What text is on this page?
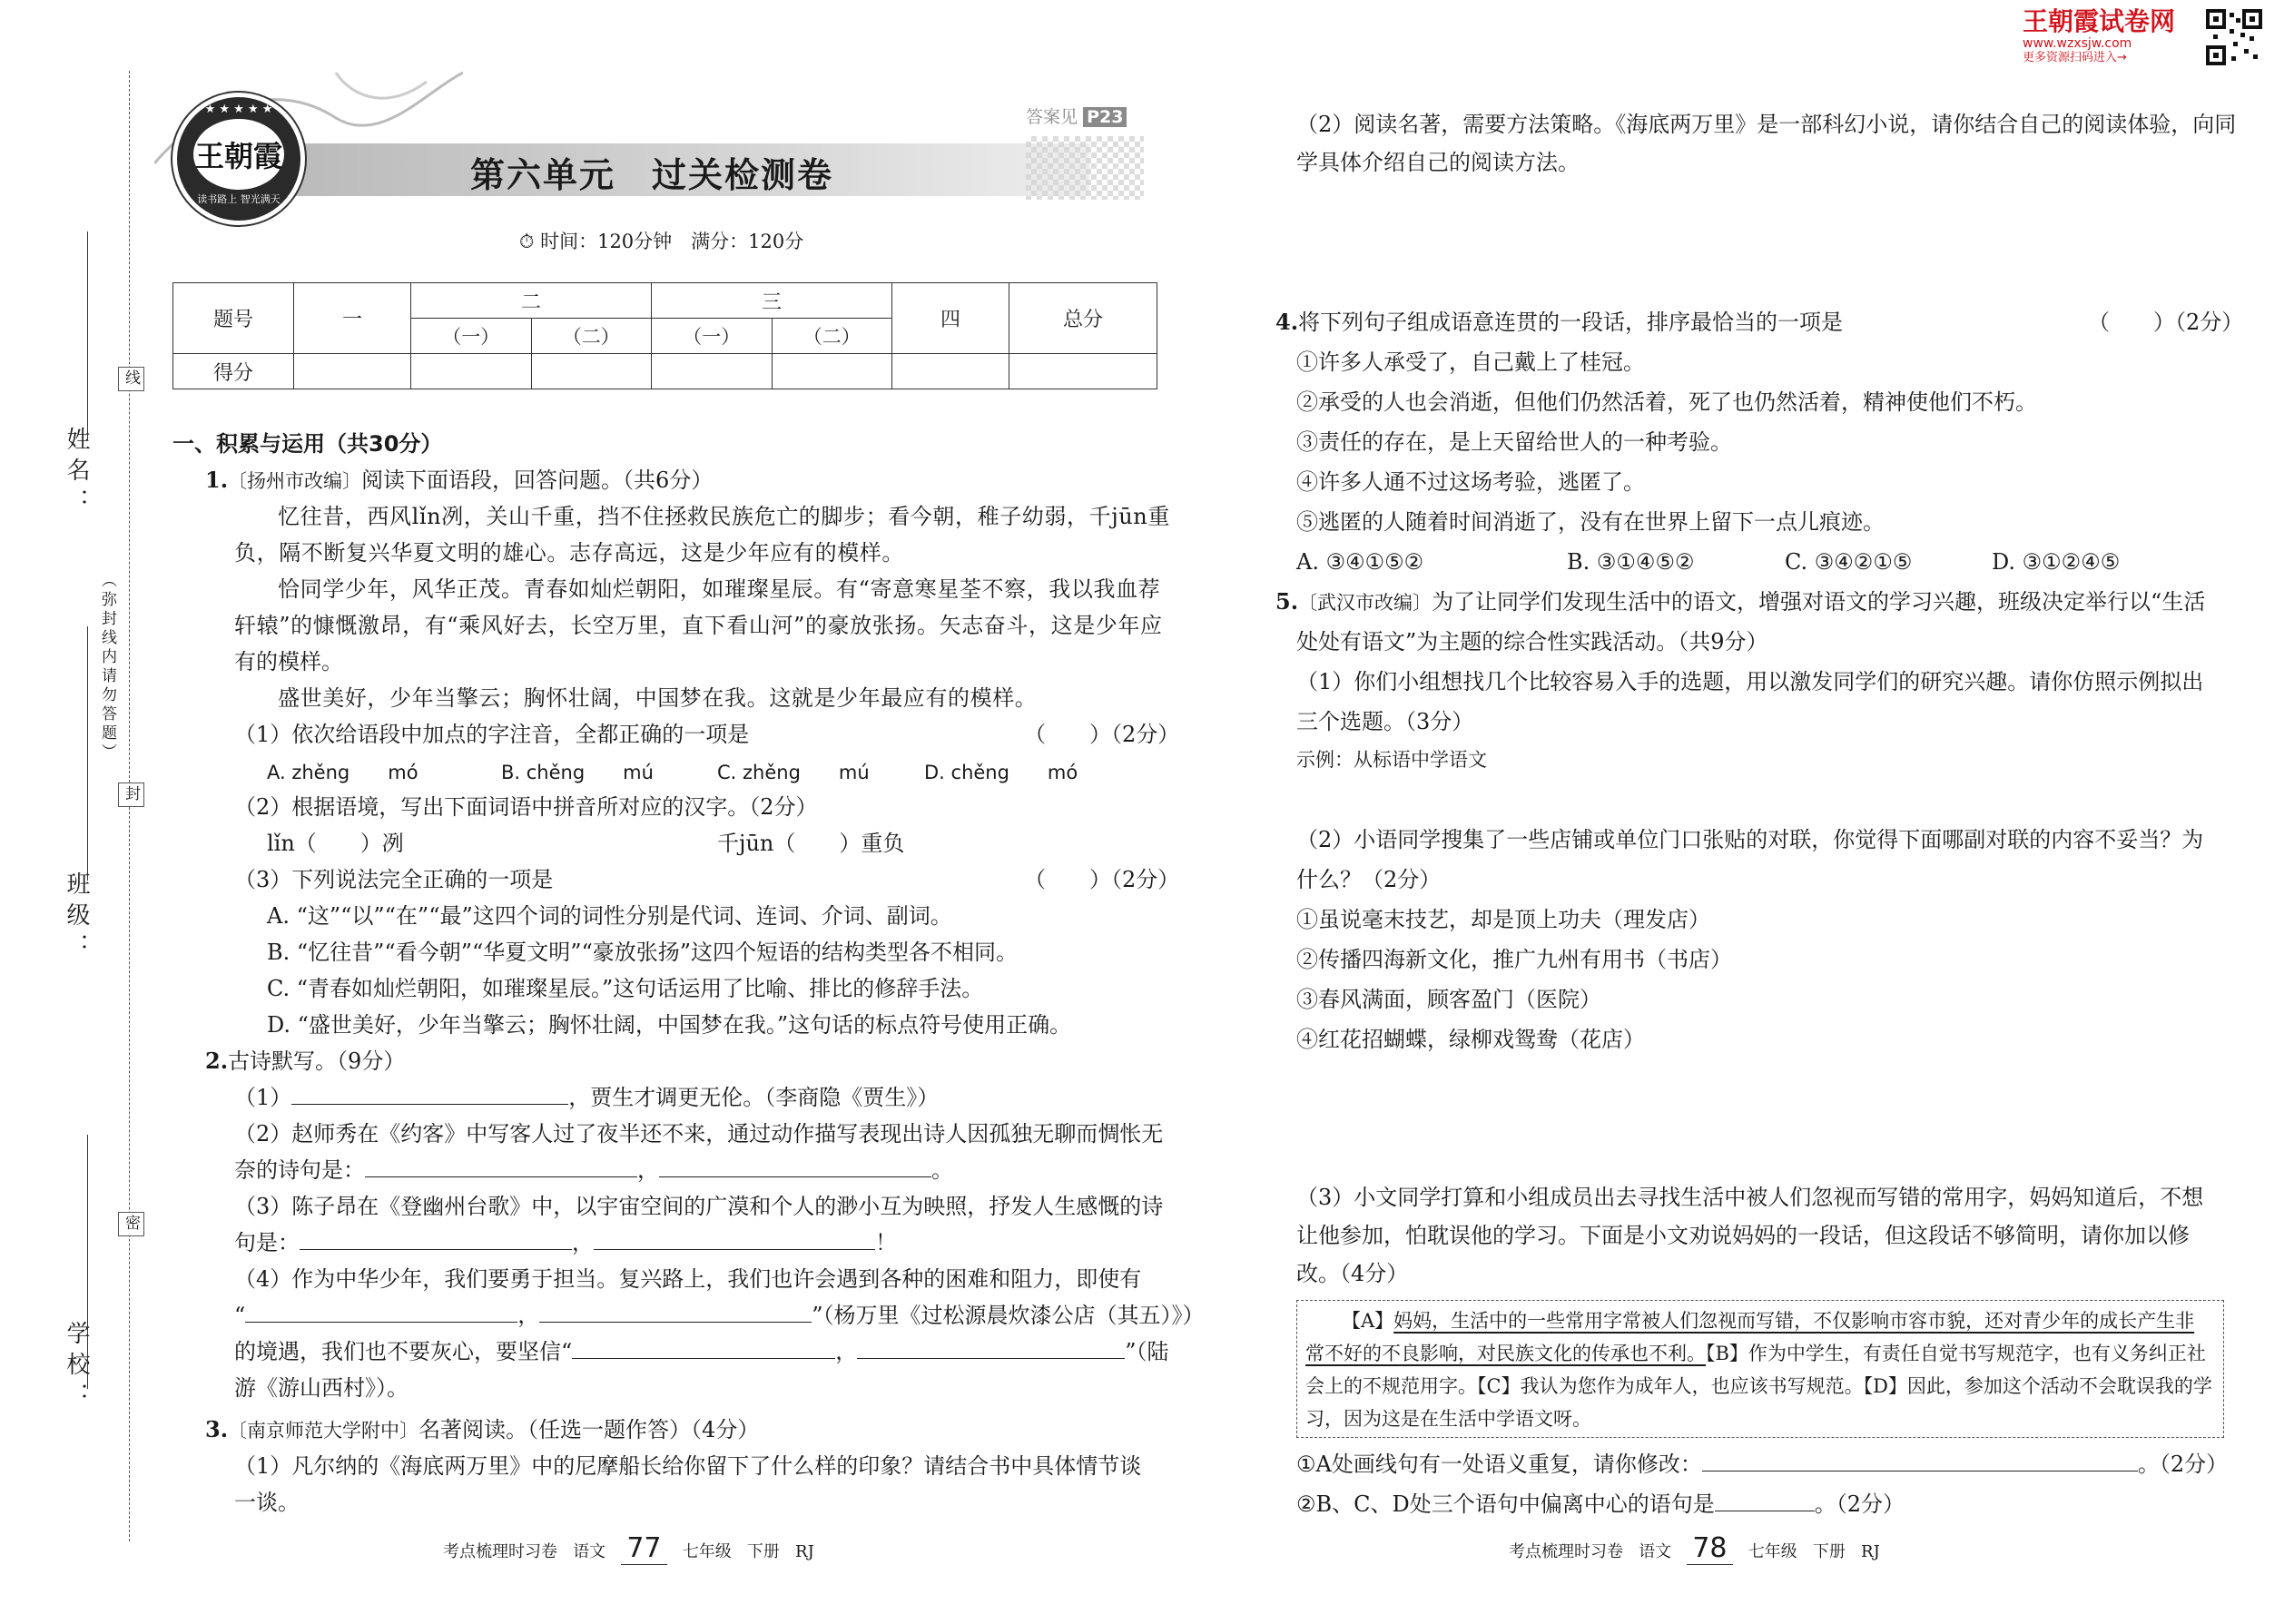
王朝霞试卷网
www.wzxsjw.com
更多资源扫码进入→
姓名：
班级：
学校：
线
（弥封线内请勿答题）
封
密
★ ★ ★ ★ ★
王朝霞
读书路上 智光满天
答案见 P23
第六单元　过关检测卷
⏱ 时间：120分钟　满分：120分
题号	一	二		三		四	总分
		（一）	（二）	（一）	（二）		
得分							
一、积累与运用（共30分）
1.〔扬州市改编〕阅读下面语段，回答问题。（共6分）
忆往昔，西风lǐn冽，关山千重，挡不住拯救民族危亡的脚步；看今朝，稚子幼弱，千jūn重
负，隔不断复兴华夏文明的雄心。志存高远，这是少年应有的模样。
恰同学少年，风华正茂。青春如灿烂朝阳，如璀璨星辰。有“寄意寒星荃不察，我以我血荐
轩辕”的慷慨激昂，有“乘风好去，长空万里，直下看山河”的豪放张扬。矢志奋斗，这是少年应
有的模样。
盛世美好，少年当擎云；胸怀壮阔，中国梦在我。这就是少年最应有的模样。
（1）依次给语段中加点的字注音，全都正确的一项是	（　　）（2分）
A. zhěng　　mó	B. chěng　　mú	C. zhěng　　mú	D. chěng　　mó
（2）根据语境，写出下面词语中拼音所对应的汉字。（2分）
lǐn（　　）冽	千jūn（　　）重负
（3）下列说法完全正确的一项是	（　　）（2分）
A. “这”“以”“在”“最”这四个词的词性分别是代词、连词、介词、副词。
B. “忆往昔”“看今朝”“华夏文明”“豪放张扬”这四个短语的结构类型各不相同。
C. “青春如灿烂朝阳，如璀璨星辰。”这句话运用了比喻、排比的修辞手法。
D. “盛世美好，少年当擎云；胸怀壮阔，中国梦在我。”这句话的标点符号使用正确。
2.古诗默写。（9分）
（1）	，贾生才调更无伦。（李商隐《贾生》）
（2）赵师秀在《约客》中写客人过了夜半还不来，通过动作描写表现出诗人因孤独无聊而惆怅无
奈的诗句是：	，	。
（3）陈子昂在《登幽州台歌》中，以宇宙空间的广漠和个人的渺小互为映照，抒发人生感慨的诗
句是：	，	！
（4）作为中华少年，我们要勇于担当。复兴路上，我们也许会遇到各种的困难和阻力，即使有
“	，	”（杨万里《过松源晨炊漆公店（其五）》）
的境遇，我们也不要灰心，要坚信“	，	”（陆
游《游山西村》）。
3.〔南京师范大学附中〕名著阅读。（任选一题作答）（4分）
（1）凡尔纳的《海底两万里》中的尼摩船长给你留下了什么样的印象？请结合书中具体情节谈
一谈。
考点梳理时习卷 语文 77 七年级 下册 RJ
（2）阅读名著，需要方法策略。《海底两万里》是一部科幻小说，请你结合自己的阅读体验，向同
学具体介绍自己的阅读方法。
4.将下列句子组成语意连贯的一段话，排序最恰当的一项是	（　　）（2分）
①许多人承受了，自己戴上了桂冠。
②承受的人也会消逝，但他们仍然活着，死了也仍然活着，精神使他们不朽。
③责任的存在，是上天留给世人的一种考验。
④许多人通不过这场考验，逃匿了。
⑤逃匿的人随着时间消逝了，没有在世界上留下一点儿痕迹。
A. ③④①⑤②	B. ③①④⑤②	C. ③④②①⑤	D. ③①②④⑤
5.〔武汉市改编〕为了让同学们发现生活中的语文，增强对语文的学习兴趣，班级决定举行以“生活
处处有语文”为主题的综合性实践活动。（共9分）
（1）你们小组想找几个比较容易入手的选题，用以激发同学们的研究兴趣。请你仿照示例拟出
三个选题。（3分）
示例：从标语中学语文
（2）小语同学搜集了一些店铺或单位门口张贴的对联，你觉得下面哪副对联的内容不妥当？为
什么？（2分）
①虽说毫末技艺，却是顶上功夫（理发店）
②传播四海新文化，推广九州有用书（书店）
③春风满面，顾客盈门（医院）
④红花招蝴蝶，绿柳戏鸳鸯（花店）
（3）小文同学打算和小组成员出去寻找生活中被人们忽视而写错的常用字，妈妈知道后，不想
让他参加，怕耽误他的学习。下面是小文劝说妈妈的一段话，但这段话不够简明，请你加以修
改。（4分）
【A】妈妈，生活中的一些常用字常被人们忽视而写错，不仅影响市容市貌，还对青少年的成长产生非
常不好的不良影响，对民族文化的传承也不利。【B】作为中学生，有责任自觉书写规范字，也有义务纠正社
会上的不规范用字。【C】我认为您作为成年人，也应该书写规范。【D】因此，参加这个活动不会耽误我的学
习，因为这是在生活中学语文呀。
①A处画线句有一处语义重复，请你修改：	。（2分）
②B、C、D处三个语句中偏离中心的语句是	。（2分）
考点梳理时习卷 语文 78 七年级 下册 RJ
